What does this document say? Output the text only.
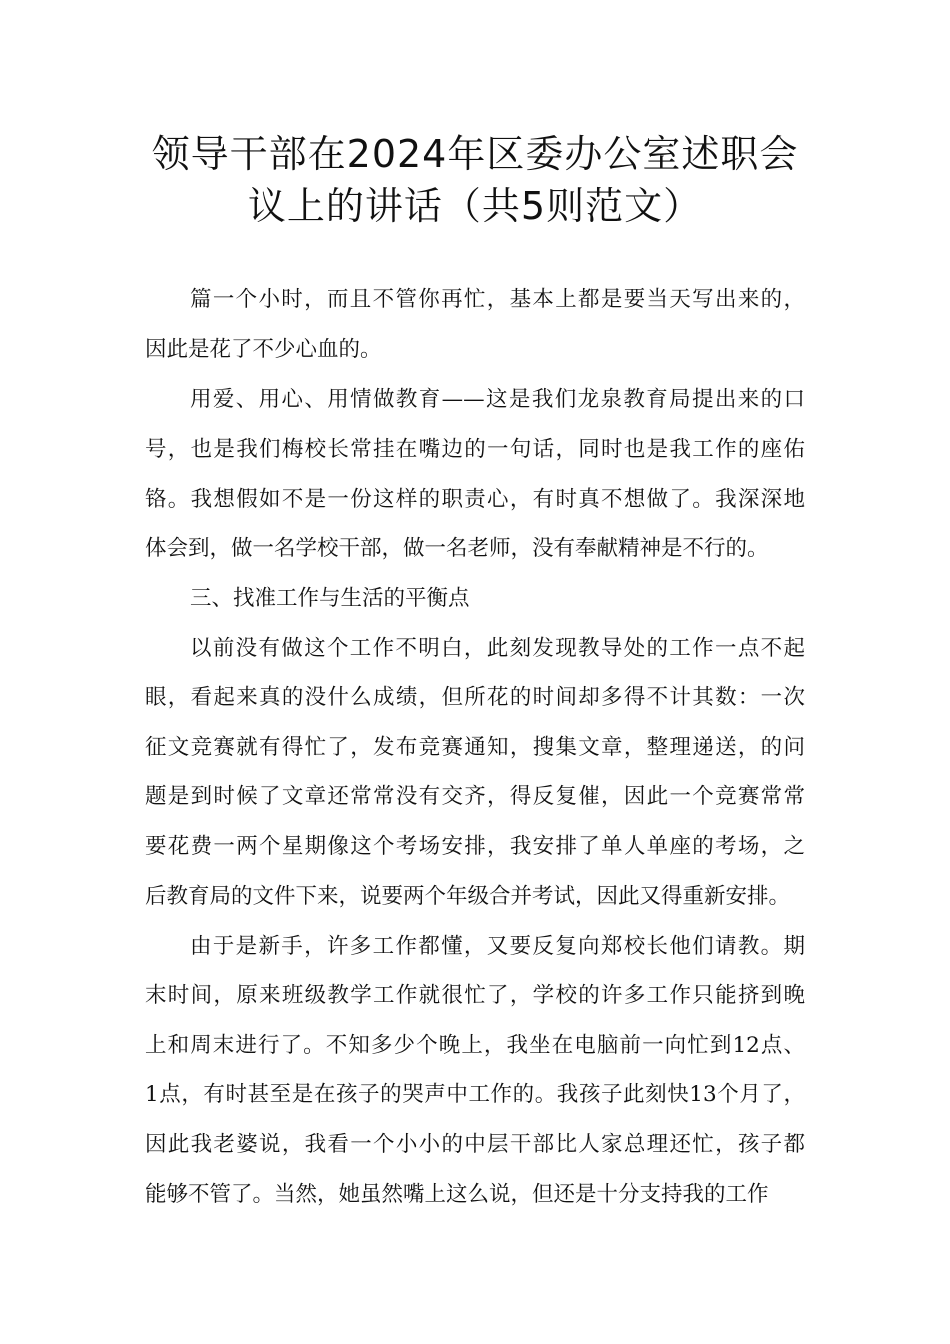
领导干部在2024年区委办公室述职会
议上的讲话（共5则范文）
篇一个小时，而且不管你再忙，基本上都是要当天写出来的，
因此是花了不少心血的。
用爱、用心、用情做教育——这是我们龙泉教育局提出来的口
号，也是我们梅校长常挂在嘴边的一句话，同时也是我工作的座佑
铬。我想假如不是一份这样的职责心，有时真不想做了。我深深地
体会到，做一名学校干部，做一名老师，没有奉献精神是不行的。
三、找准工作与生活的平衡点
以前没有做这个工作不明白，此刻发现教导处的工作一点不起
眼，看起来真的没什么成绩，但所花的时间却多得不计其数：一次
征文竞赛就有得忙了，发布竞赛通知，搜集文章，整理递送，的问
题是到时候了文章还常常没有交齐，得反复催，因此一个竞赛常常
要花费一两个星期像这个考场安排，我安排了单人单座的考场，之
后教育局的文件下来，说要两个年级合并考试，因此又得重新安排。
由于是新手，许多工作都懂，又要反复向郑校长他们请教。期
末时间，原来班级教学工作就很忙了，学校的许多工作只能挤到晚
上和周末进行了。不知多少个晚上，我坐在电脑前一向忙到12点、
1点，有时甚至是在孩子的哭声中工作的。我孩子此刻快13个月了，
因此我老婆说，我看一个小小的中层干部比人家总理还忙，孩子都
能够不管了。当然，她虽然嘴上这么说，但还是十分支持我的工作
